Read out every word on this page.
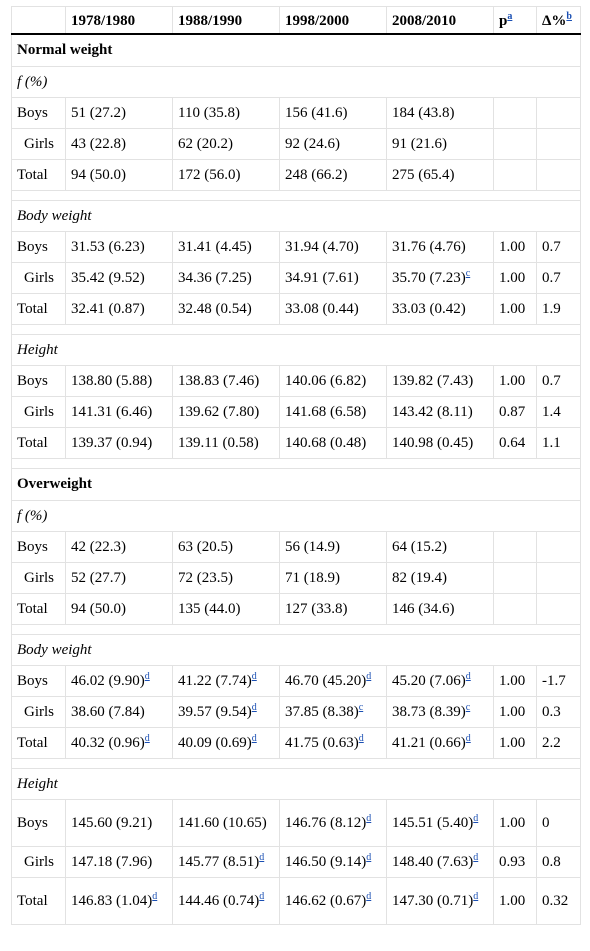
	1978/1980	1988/1990	1998/2000	2008/2010	p$^a$	Δ%$^b$
Normal weight						
f (%)						
Boys	51 (27.2)	110 (35.8)	156 (41.6)	184 (43.8)		
Girls	43 (22.8)	62 (20.2)	92 (24.6)	91 (21.6)		
Total	94 (50.0)	172 (56.0)	248 (66.2)	275 (65.4)		

Body weight						
Boys	31.53 (6.23)	31.41 (4.45)	31.94 (4.70)	31.76 (4.76)	1.00	0.7
Girls	35.42 (9.52)	34.36 (7.25)	34.91 (7.61)	35.70 (7.23)$^c$	1.00	0.7
Total	32.41 (0.87)	32.48 (0.54)	33.08 (0.44)	33.03 (0.42)	1.00	1.9

Height						
Boys	138.80 (5.88)	138.83 (7.46)	140.06 (6.82)	139.82 (7.43)	1.00	0.7
Girls	141.31 (6.46)	139.62 (7.80)	141.68 (6.58)	143.42 (8.11)	0.87	1.4
Total	139.37 (0.94)	139.11 (0.58)	140.68 (0.48)	140.98 (0.45)	0.64	1.1

Overweight						
f (%)						
Boys	42 (22.3)	63 (20.5)	56 (14.9)	64 (15.2)		
Girls	52 (27.7)	72 (23.5)	71 (18.9)	82 (19.4)		
Total	94 (50.0)	135 (44.0)	127 (33.8)	146 (34.6)		

Body weight						
Boys	46.02 (9.90)$^d$	41.22 (7.74)$^d$	46.70 (45.20)$^d$	45.20 (7.06)$^d$	1.00	-1.7
Girls	38.60 (7.84)	39.57 (9.54)$^d$	37.85 (8.38)$^c$	38.73 (8.39)$^c$	1.00	0.3
Total	40.32 (0.96)$^d$	40.09 (0.69)$^d$	41.75 (0.63)$^d$	41.21 (0.66)$^d$	1.00	2.2

Height						
Boys	145.60 (9.21)	141.60 (10.65)	146.76 (8.12)$^d$	145.51 (5.40)$^d$	1.00	0
Girls	147.18 (7.96)	145.77 (8.51)$^d$	146.50 (9.14)$^d$	148.40 (7.63)$^d$	0.93	0.8
Total	146.83 (1.04)$^d$	144.46 (0.74)$^d$	146.62 (0.67)$^d$	147.30 (0.71)$^d$	1.00	0.32
